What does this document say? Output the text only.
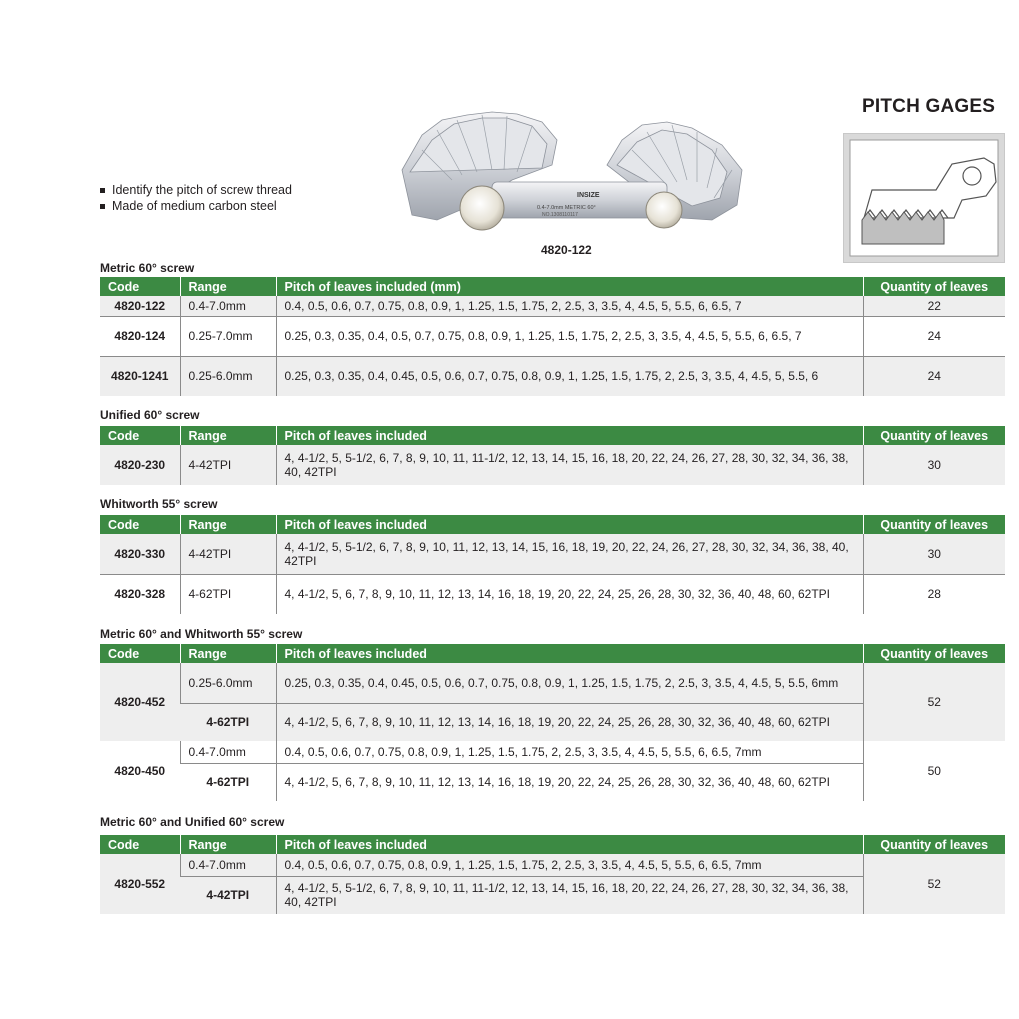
PITCH GAGES
Identify the pitch of screw thread
Made of medium carbon steel
INSIZE
0.4-7.0mm METRIC 60°
NO.1308110117
4820-122
Metric 60° screw
Code	Range	Pitch of leaves included (mm)	Quantity of leaves
4820-122	0.4-7.0mm	0.4, 0.5, 0.6, 0.7, 0.75, 0.8, 0.9, 1, 1.25, 1.5, 1.75, 2, 2.5, 3, 3.5, 4, 4.5, 5, 5.5, 6, 6.5, 7	22
4820-124	0.25-7.0mm	0.25, 0.3, 0.35, 0.4, 0.5, 0.7, 0.75, 0.8, 0.9, 1, 1.25, 1.5, 1.75, 2, 2.5, 3, 3.5, 4, 4.5, 5, 5.5, 6, 6.5, 7	24
4820-1241	0.25-6.0mm	0.25, 0.3, 0.35, 0.4, 0.45, 0.5, 0.6, 0.7, 0.75, 0.8, 0.9, 1, 1.25, 1.5, 1.75, 2, 2.5, 3, 3.5, 4, 4.5, 5, 5.5, 6	24
Unified 60° screw
Code	Range	Pitch of leaves included	Quantity of leaves
4820-230	4-42TPI	4, 4-1/2, 5, 5-1/2, 6, 7, 8, 9, 10, 11, 11-1/2, 12, 13, 14, 15, 16, 18, 20, 22, 24, 26, 27, 28, 30, 32, 34, 36, 38, 40, 42TPI	30
Whitworth 55° screw
Code	Range	Pitch of leaves included	Quantity of leaves
4820-330	4-42TPI	4, 4-1/2, 5, 5-1/2, 6, 7, 8, 9, 10, 11, 12, 13, 14, 15, 16, 18, 19, 20, 22, 24, 26, 27, 28, 30, 32, 34, 36, 38, 40, 42TPI	30
4820-328	4-62TPI	4, 4-1/2, 5, 6, 7, 8, 9, 10, 11, 12, 13, 14, 16, 18, 19, 20, 22, 24, 25, 26, 28, 30, 32, 36, 40, 48, 60, 62TPI	28
Metric 60° and Whitworth 55° screw
Code	Range	Pitch of leaves included	Quantity of leaves
4820-452	0.25-6.0mm	0.25, 0.3, 0.35, 0.4, 0.45, 0.5, 0.6, 0.7, 0.75, 0.8, 0.9, 1, 1.25, 1.5, 1.75, 2, 2.5, 3, 3.5, 4, 4.5, 5, 5.5, 6mm	52
	4-62TPI	4, 4-1/2, 5, 6, 7, 8, 9, 10, 11, 12, 13, 14, 16, 18, 19, 20, 22, 24, 25, 26, 28, 30, 32, 36, 40, 48, 60, 62TPI	
4820-450	0.4-7.0mm	0.4, 0.5, 0.6, 0.7, 0.75, 0.8, 0.9, 1, 1.25, 1.5, 1.75, 2, 2.5, 3, 3.5, 4, 4.5, 5, 5.5, 6, 6.5, 7mm	50
	4-62TPI	4, 4-1/2, 5, 6, 7, 8, 9, 10, 11, 12, 13, 14, 16, 18, 19, 20, 22, 24, 25, 26, 28, 30, 32, 36, 40, 48, 60, 62TPI	
Metric 60° and Unified 60° screw
Code	Range	Pitch of leaves included	Quantity of leaves
4820-552	0.4-7.0mm	0.4, 0.5, 0.6, 0.7, 0.75, 0.8, 0.9, 1, 1.25, 1.5, 1.75, 2, 2.5, 3, 3.5, 4, 4.5, 5, 5.5, 6, 6.5, 7mm	52
	4-42TPI	4, 4-1/2, 5, 5-1/2, 6, 7, 8, 9, 10, 11, 11-1/2, 12, 13, 14, 15, 16, 18, 20, 22, 24, 26, 27, 28, 30, 32, 34, 36, 38, 40, 42TPI	
